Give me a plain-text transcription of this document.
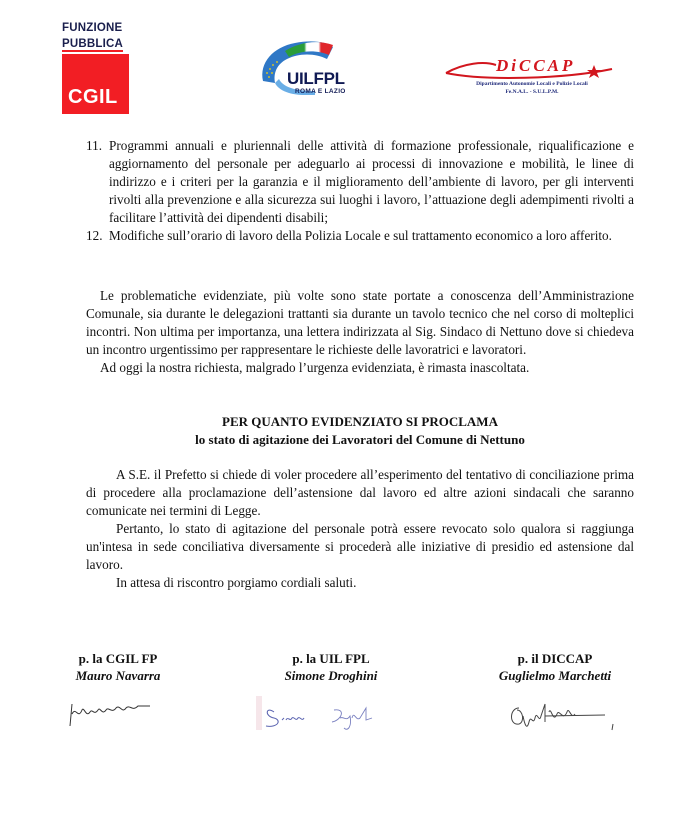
FUNZIONE
PUBBLICA
CGIL
UILFPL
ROMA E LAZIO
DiCCAP
Dipartimento Autonomie Locali e Polizie Locali
Fe.N.A.L. - S.U.L.P.M.
11. Programmi annuali e pluriennali delle attività di formazione professionale, riqualificazione e aggiornamento del personale per adeguarlo ai processi di innovazione e mobilità, le linee di indirizzo e i criteri per la garanzia e il miglioramento dell’ambiente di lavoro, per gli interventi rivolti alla prevenzione e alla sicurezza sui luoghi i lavoro, l’attuazione degli adempimenti rivolti a facilitare l’attività dei dipendenti disabili;
12. Modifiche sull’orario di lavoro della Polizia Locale e sul trattamento economico a loro afferito.
Le problematiche evidenziate, più volte sono state portate a conoscenza dell’Amministrazione Comunale, sia durante le delegazioni trattanti sia durante un tavolo tecnico che nel corso di molteplici incontri. Non ultima per importanza, una lettera indirizzata al Sig. Sindaco di Nettuno dove si chiedeva un incontro urgentissimo per rappresentare le richieste delle lavoratrici e lavoratori.
Ad oggi la nostra richiesta, malgrado l’urgenza evidenziata, è rimasta inascoltata.
PER QUANTO EVIDENZIATO SI PROCLAMA
lo stato di agitazione dei Lavoratori del Comune di Nettuno
A S.E. il Prefetto si chiede di voler procedere all’esperimento del tentativo di conciliazione prima di procedere alla proclamazione dell’astensione dal lavoro ed altre azioni sindacali che saranno comunicate nei termini di Legge.
Pertanto, lo stato di agitazione del personale potrà essere revocato solo qualora si raggiunga un'intesa in sede conciliativa diversamente si procederà alle iniziative di presidio ed astensione dal lavoro.
In attesa di riscontro porgiamo cordiali saluti.
p. la CGIL FP
Mauro Navarra
p. la UIL FPL
Simone Droghini
p. il DICCAP
Guglielmo Marchetti
